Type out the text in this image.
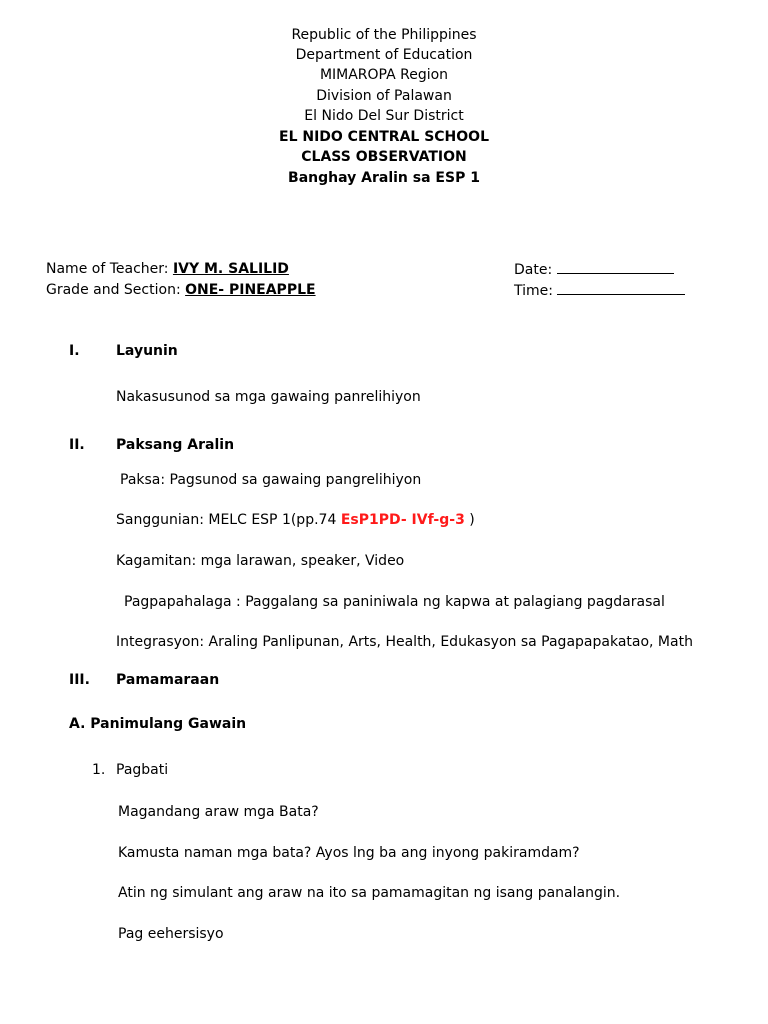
Republic of the Philippines
Department of Education
MIMAROPA Region
Division of Palawan
El Nido Del Sur District
EL NIDO CENTRAL SCHOOL
CLASS OBSERVATION
Banghay Aralin sa ESP 1
Name of Teacher: IVY M. SALILID
Grade and Section: ONE- PINEAPPLE
Date:
Time:
I.	Layunin
Nakasusunod sa mga gawaing panrelihiyon
II. Paksang Aralin
Paksa: Pagsunod sa gawaing pangrelihiyon
Sanggunian: MELC ESP 1(pp.74 EsP1PD- IVf-g-3 )
Kagamitan: mga larawan, speaker, Video
Pagpapahalaga : Paggalang sa paniniwala ng kapwa at palagiang pagdarasal
Integrasyon: Araling Panlipunan, Arts, Health, Edukasyon sa Pagapapakatao, Math
III. Pamamaraan
A. Panimulang Gawain
1. Pagbati
Magandang araw mga Bata?
Kamusta naman mga bata? Ayos lng ba ang inyong pakiramdam?
Atin ng simulant ang araw na ito sa pamamagitan ng isang panalangin.
Pag eehersisyo
